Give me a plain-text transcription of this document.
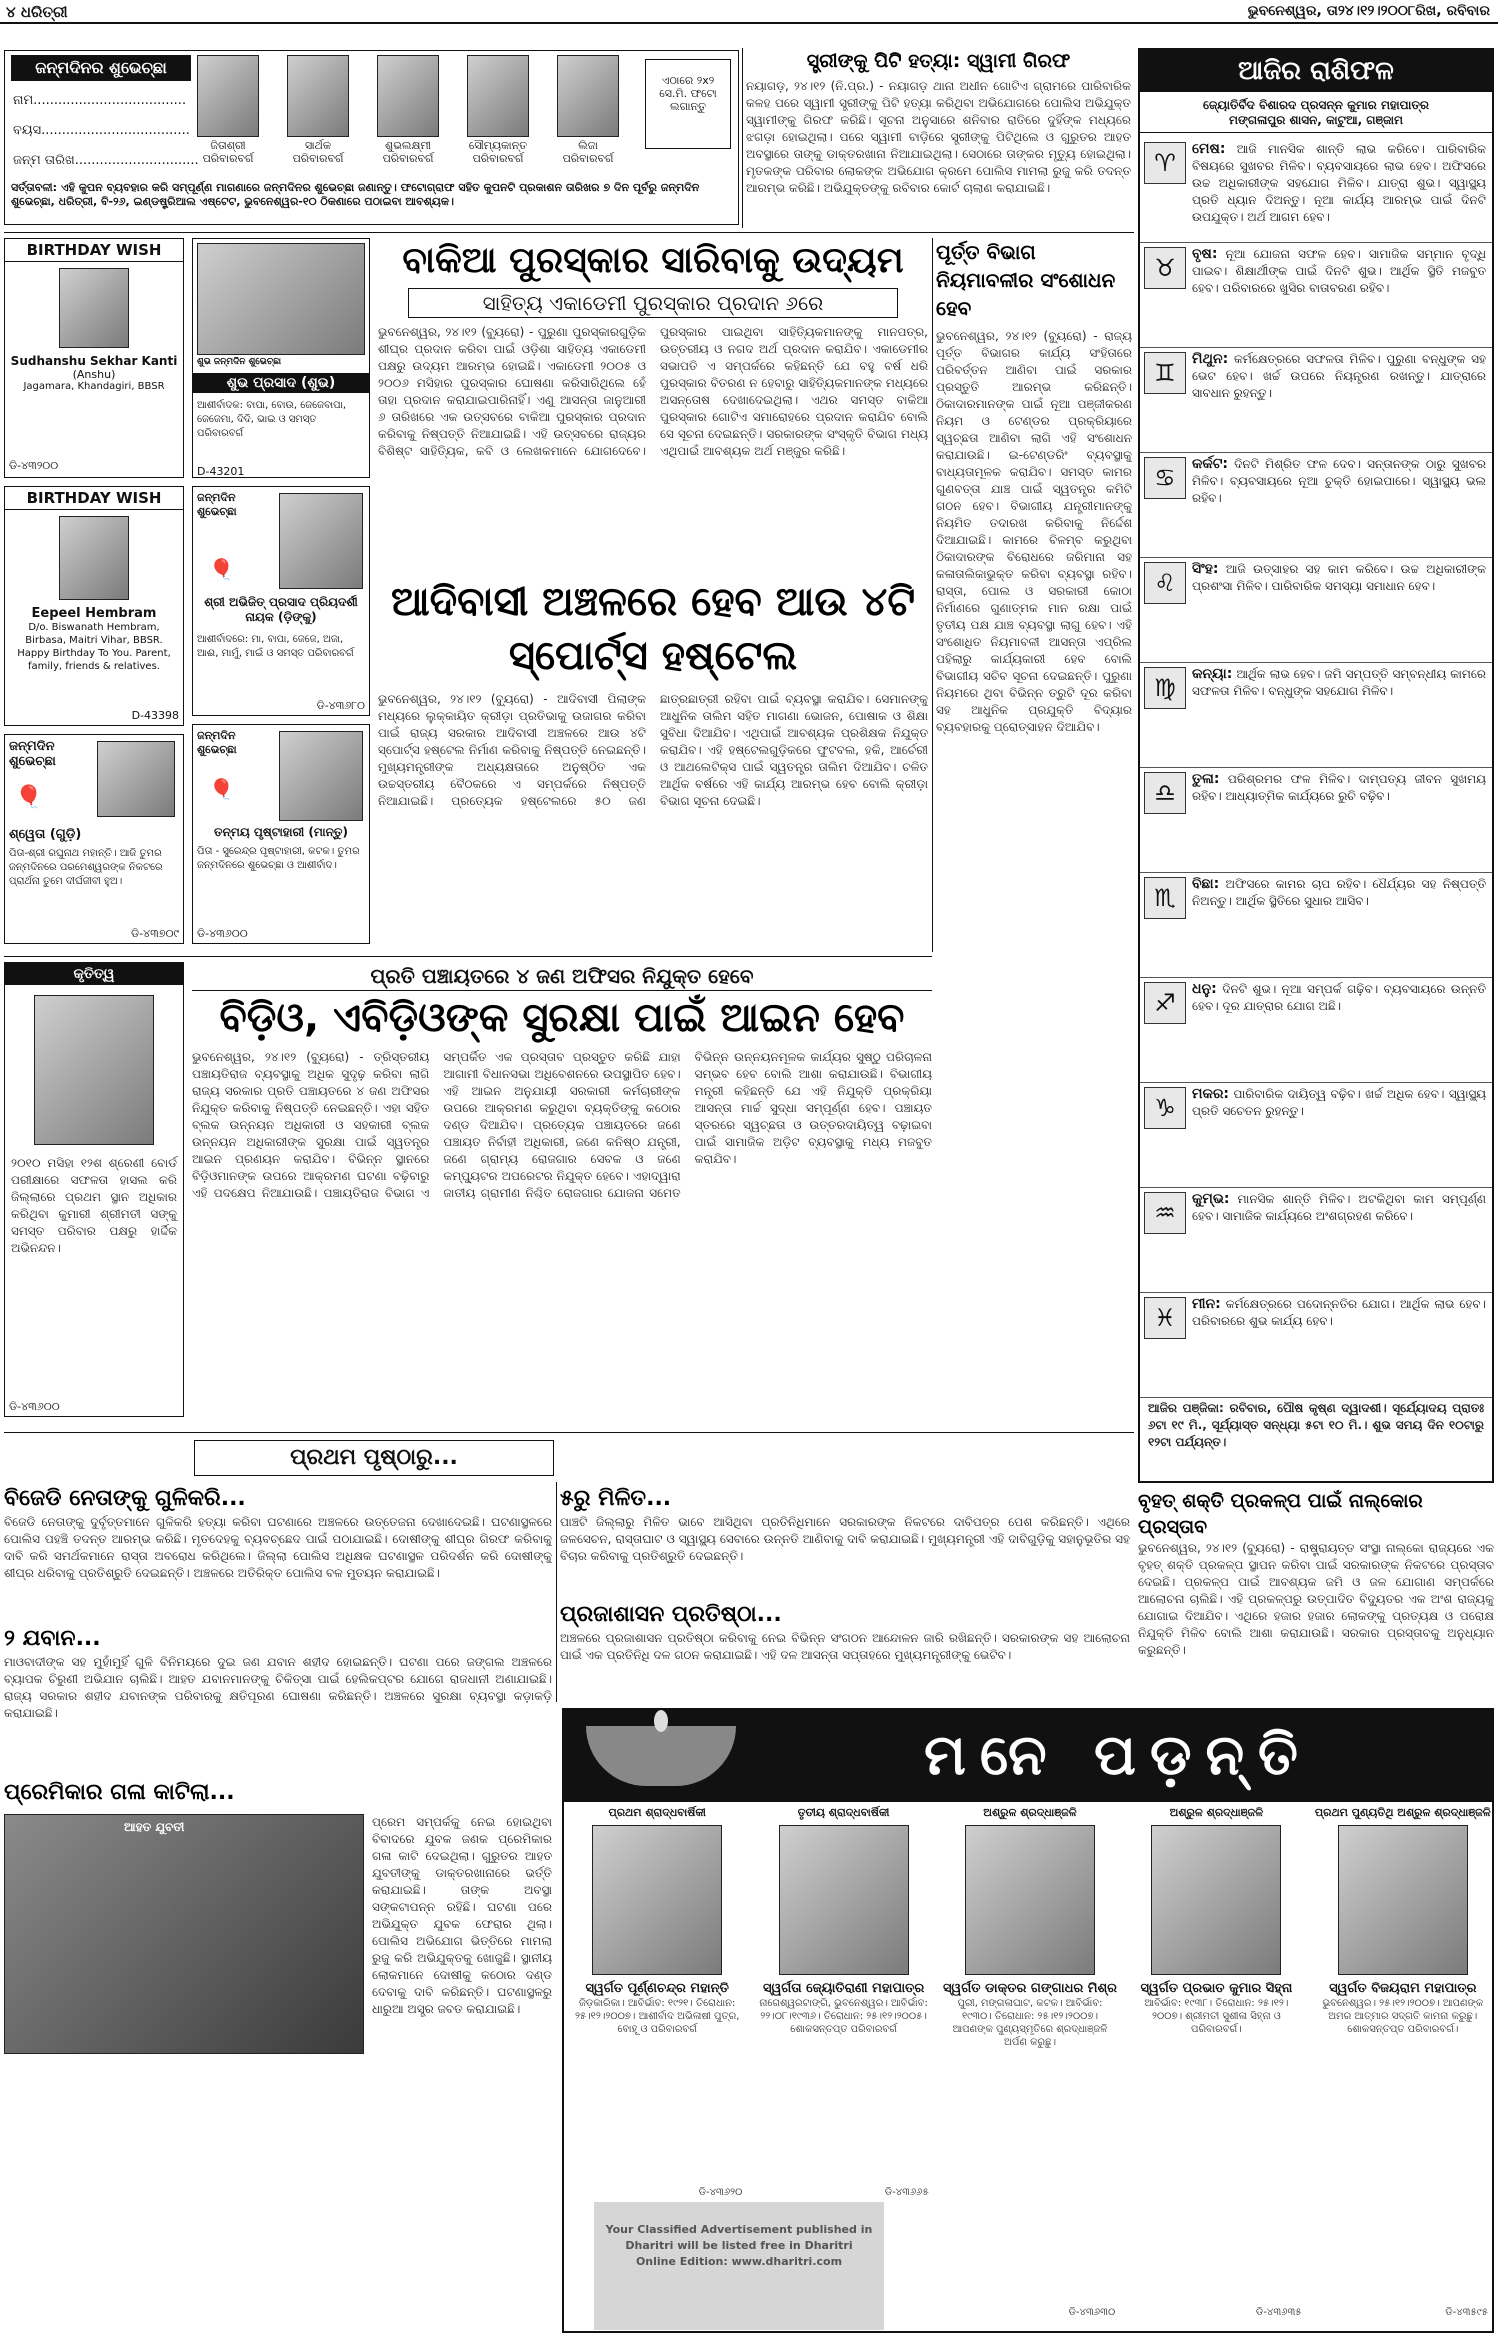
୪ ଧରିତ୍ରୀ	ଭୁବନେଶ୍ୱର, ତା୨୪।୧୨।୨୦୦୮ରିଖ, ରବିବାର
ଜନ୍ମଦିନର ଶୁଭେଚ୍ଛା
ନାମ.....................................
ବୟସ....................................
ଜନ୍ମ ତାରିଖ..............................
ଜିତାଶ୍ରୀ ପରିବାରବର୍ଗ
ସାର୍ଥକ ପରିବାରବର୍ଗ
ଶୁଭଲକ୍ଷ୍ମୀ ପରିବାରବର୍ଗ
ସୌମ୍ୟକାନ୍ତ ପରିବାରବର୍ଗ
ଲିଜା ପରିବାରବର୍ଗ
ଏଠାରେ ୨x୨ ସେ.ମି. ଫଟୋ ଲଗାନ୍ତୁ
ସର୍ତ୍ତାବଳୀ: ଏହି କୁପନ ବ୍ୟବହାର କରି ସମ୍ପୂର୍ଣ୍ଣ ମାଗଣାରେ ଜନ୍ମଦିନର ଶୁଭେଚ୍ଛା ଜଣାନ୍ତୁ। ଫଟୋଗ୍ରାଫ ସହିତ କୁପନଟି ପ୍ରକାଶନ ତାରିଖର ୭ ଦିନ ପୂର୍ବରୁ ଜନ୍ମଦିନ ଶୁଭେଚ୍ଛା, ଧରିତ୍ରୀ, ବି-୨୬, ଇଣ୍ଡଷ୍ଟ୍ରିଆଲ ଏଷ୍ଟେଟ, ଭୁବନେଶ୍ୱର-୧୦ ଠିକଣାରେ ପଠାଇବା ଆବଶ୍ୟକ।
ସ୍ତ୍ରୀଙ୍କୁ ପିଟି ହତ୍ୟା: ସ୍ୱାମୀ ଗିରଫ
ନୟାଗଡ଼, ୨୪।୧୨ (ନି.ପ୍ର.) - ନୟାଗଡ଼ ଥାନା ଅଧୀନ ଗୋଟିଏ ଗ୍ରାମରେ ପାରିବାରିକ କଳହ ପରେ ସ୍ୱାମୀ ସ୍ତ୍ରୀଙ୍କୁ ପିଟି ହତ୍ୟା କରିଥିବା ଅଭିଯୋଗରେ ପୋଲିସ ଅଭିଯୁକ୍ତ ସ୍ୱାମୀଙ୍କୁ ଗିରଫ କରିଛି। ସୂଚନା ଅନୁସାରେ ଶନିବାର ରାତିରେ ଦୁହିଁଙ୍କ ମଧ୍ୟରେ ଝଗଡ଼ା ହୋଇଥିଲା। ପରେ ସ୍ୱାମୀ ବାଡ଼ିରେ ସ୍ତ୍ରୀଙ୍କୁ ପିଟିଥିଲେ ଓ ଗୁରୁତର ଆହତ ଅବସ୍ଥାରେ ତାଙ୍କୁ ଡାକ୍ତରଖାନା ନିଆଯାଇଥିଲା। ସେଠାରେ ତାଙ୍କର ମୃତ୍ୟୁ ହୋଇଥିଲା। ମୃତକଙ୍କ ପରିବାର ଲୋକଙ୍କ ଅଭିଯୋଗ କ୍ରମେ ପୋଲିସ ମାମଲା ରୁଜୁ କରି ତଦନ୍ତ ଆରମ୍ଭ କରିଛି। ଅଭିଯୁକ୍ତଙ୍କୁ ରବିବାର କୋର୍ଟ ଚାଲାଣ କରାଯାଇଛି।
ଆଜିର ରାଶିଫଳ
ଜ୍ୟୋତିର୍ବିଦ ବିଶାରଦ ପ୍ରସନ୍ନ କୁମାର ମହାପାତ୍ର
ମଙ୍ଗଳାପୁର ଶାସନ, କାଟୁଆ, ଗଞ୍ଜାମ
♈	ମେଷ: ଆଜି ମାନସିକ ଶାନ୍ତି ଲାଭ କରିବେ। ପାରିବାରିକ ବିଷୟରେ ସୁଖବର ମିଳିବ। ବ୍ୟବସାୟରେ ଲାଭ ହେବ। ଅଫିସରେ ଉଚ୍ଚ ଅଧିକାରୀଙ୍କ ସହଯୋଗ ମିଳିବ। ଯାତ୍ରା ଶୁଭ। ସ୍ୱାସ୍ଥ୍ୟ ପ୍ରତି ଧ୍ୟାନ ଦିଅନ୍ତୁ। ନୂଆ କାର୍ଯ୍ୟ ଆରମ୍ଭ ପାଇଁ ଦିନଟି ଉପଯୁକ୍ତ। ଅର୍ଥ ଆଗମ ହେବ।
♉	ବୃଷ: ନୂଆ ଯୋଜନା ସଫଳ ହେବ। ସାମାଜିକ ସମ୍ମାନ ବୃଦ୍ଧି ପାଇବ। ଶିକ୍ଷାର୍ଥୀଙ୍କ ପାଇଁ ଦିନଟି ଶୁଭ। ଆର୍ଥିକ ସ୍ଥିତି ମଜବୁତ ହେବ। ପରିବାରରେ ଖୁସିର ବାତାବରଣ ରହିବ।
♊	ମିଥୁନ: କର୍ମକ୍ଷେତ୍ରରେ ସଫଳତା ମିଳିବ। ପୁରୁଣା ବନ୍ଧୁଙ୍କ ସହ ଭେଟ ହେବ। ଖର୍ଚ୍ଚ ଉପରେ ନିୟନ୍ତ୍ରଣ ରଖନ୍ତୁ। ଯାତ୍ରାରେ ସାବଧାନ ରୁହନ୍ତୁ।
♋	କର୍କଟ: ଦିନଟି ମିଶ୍ରିତ ଫଳ ଦେବ। ସନ୍ତାନଙ୍କ ଠାରୁ ସୁଖବର ମିଳିବ। ବ୍ୟବସାୟରେ ନୂଆ ଚୁକ୍ତି ହୋଇପାରେ। ସ୍ୱାସ୍ଥ୍ୟ ଭଲ ରହିବ।
♌	ସିଂହ: ଆଜି ଉତ୍ସାହର ସହ କାମ କରିବେ। ଉଚ୍ଚ ଅଧିକାରୀଙ୍କ ପ୍ରଶଂସା ମିଳିବ। ପାରିବାରିକ ସମସ୍ୟା ସମାଧାନ ହେବ।
♍	କନ୍ୟା: ଆର୍ଥିକ ଲାଭ ହେବ। ଜମି ସମ୍ପତ୍ତି ସମ୍ବନ୍ଧୀୟ କାମରେ ସଫଳତା ମିଳିବ। ବନ୍ଧୁଙ୍କ ସହଯୋଗ ମିଳିବ।
♎	ତୁଳା: ପରିଶ୍ରମର ଫଳ ମିଳିବ। ଦାମ୍ପତ୍ୟ ଜୀବନ ସୁଖମୟ ରହିବ। ଆଧ୍ୟାତ୍ମିକ କାର୍ଯ୍ୟରେ ରୁଚି ବଢ଼ିବ।
♏	ବିଛା: ଅଫିସରେ କାମର ଚାପ ରହିବ। ଧୈର୍ଯ୍ୟର ସହ ନିଷ୍ପତ୍ତି ନିଅନ୍ତୁ। ଆର୍ଥିକ ସ୍ଥିତିରେ ସୁଧାର ଆସିବ।
♐	ଧନୁ: ଦିନଟି ଶୁଭ। ନୂଆ ସମ୍ପର୍କ ଗଢ଼ିବ। ବ୍ୟବସାୟରେ ଉନ୍ନତି ହେବ। ଦୂର ଯାତ୍ରାର ଯୋଗ ଅଛି।
♑	ମକର: ପାରିବାରିକ ଦାୟିତ୍ୱ ବଢ଼ିବ। ଖର୍ଚ୍ଚ ଅଧିକ ହେବ। ସ୍ୱାସ୍ଥ୍ୟ ପ୍ରତି ସଚେତନ ରୁହନ୍ତୁ।
♒	କୁମ୍ଭ: ମାନସିକ ଶାନ୍ତି ମିଳିବ। ଅଟକିଥିବା କାମ ସମ୍ପୂର୍ଣ୍ଣ ହେବ। ସାମାଜିକ କାର୍ଯ୍ୟରେ ଅଂଶଗ୍ରହଣ କରିବେ।
♓	ମୀନ: କର୍ମକ୍ଷେତ୍ରରେ ପଦୋନ୍ନତିର ଯୋଗ। ଆର୍ଥିକ ଲାଭ ହେବ। ପରିବାରରେ ଶୁଭ କାର୍ଯ୍ୟ ହେବ।
ଆଜିର ପଞ୍ଜିକା: ରବିବାର, ପୌଷ କୃଷ୍ଣ ଦ୍ୱାଦଶୀ। ସୂର୍ଯ୍ୟୋଦୟ ପ୍ରାତଃ ୬ଟା ୧୯ ମି., ସୂର୍ଯ୍ୟାସ୍ତ ସନ୍ଧ୍ୟା ୫ଟା ୧୦ ମି.। ଶୁଭ ସମୟ ଦିନ ୧୦ଟାରୁ ୧୨ଟା ପର୍ଯ୍ୟନ୍ତ।
BIRTHDAY WISH
Sudhanshu Sekhar Kanti
(Anshu)
Jagamara, Khandagiri, BBSR
ଡି-୪୩୨୦୦
BIRTHDAY WISH
Eepeel Hembram
D/o. Biswanath Hembram, Birbasa, Maitri Vihar, BBSR. Happy Birthday To You. Parent, family, friends & relatives.
D-43398
ଜନ୍ମଦିନ ଶୁଭେଚ୍ଛା
🎈
ଶ୍ୱେତା (ଗୁଡ଼ି)
ପିତା-ଶ୍ରୀ ରଘୁନାଥ ମହାନ୍ତି। ଆଜି ତୁମର ଜନ୍ମଦିନରେ ପରମେଶ୍ୱରଙ୍କ ନିକଟରେ ପ୍ରାର୍ଥନା ତୁମେ ଦୀର୍ଘଜୀବୀ ହୁଅ।
ଡି-୪୩୭୦୯
ଶୁଭ ଜନ୍ମଦିନ ଶୁଭେଚ୍ଛା
ଶୁଭ ପ୍ରସାଦ (ଶୁଭ)
ଆଶୀର୍ବାଦକ: ବାପା, ବୋଉ, ଜେଜେବାପା, ଜେଜେମା, ଦିଦି, ଭାଇ ଓ ସମସ୍ତ ପରିବାରବର୍ଗ
D-43201
ଜନ୍ମଦିନ ଶୁଭେଚ୍ଛା
🎈
ଶ୍ରୀ ଅଭିଜିତ୍ ପ୍ରସାଦ ପ୍ରିୟଦର୍ଶୀ ନାୟକ (ଡ଼ିଙ୍କୁ)
ଆଶୀର୍ବାଦରେ: ମା, ବାପା, ଜେଜେ, ଅଜା, ଆଈ, ମାମୁଁ, ମାଇଁ ଓ ସମସ୍ତ ପରିବାରବର୍ଗ
ଡି-୪୩୬୮୦
ଜନ୍ମଦିନ ଶୁଭେଚ୍ଛା
🎈
ତନ୍ମୟ ପୃଷ୍ଟାହାରୀ (ମାନ୍ତୁ)
ପିତା - ସୁରେନ୍ଦ୍ର ପୃଷ୍ଟାହାରୀ, କଟକ। ତୁମର ଜନ୍ମଦିନରେ ଶୁଭେଚ୍ଛା ଓ ଆଶୀର୍ବାଦ।
ଡି-୪୩୬୦୦
ବାକିଆ ପୁରସ୍କାର ସାରିବାକୁ ଉଦ୍ୟମ
ସାହିତ୍ୟ ଏକାଡେମୀ ପୁରସ୍କାର ପ୍ରଦାନ ୬ରେ
ଭୁବନେଶ୍ୱର, ୨୪।୧୨ (ବ୍ୟୁରୋ) - ପୁରୁଣା ପୁରସ୍କାରଗୁଡ଼ିକ ଶୀଘ୍ର ପ୍ରଦାନ କରିବା ପାଇଁ ଓଡ଼ିଶା ସାହିତ୍ୟ ଏକାଡେମୀ ପକ୍ଷରୁ ଉଦ୍ୟମ ଆରମ୍ଭ ହୋଇଛି। ଏକାଡେମୀ ୨୦୦୫ ଓ ୨୦୦୬ ମସିହାର ପୁରସ୍କାର ଘୋଷଣା କରିସାରିଥିଲେ ହେଁ ତାହା ପ୍ରଦାନ କରାଯାଇପାରିନାହିଁ। ଏଣୁ ଆସନ୍ତା ଜାନୁଆରୀ ୬ ତାରିଖରେ ଏକ ଉତ୍ସବରେ ବାକିଆ ପୁରସ୍କାର ପ୍ରଦାନ କରିବାକୁ ନିଷ୍ପତ୍ତି ନିଆଯାଇଛି। ଏହି ଉତ୍ସବରେ ରାଜ୍ୟର ବିଶିଷ୍ଟ ସାହିତ୍ୟିକ, କବି ଓ ଲେଖକମାନେ ଯୋଗଦେବେ। ପୁରସ୍କାର ପାଇଥିବା ସାହିତ୍ୟିକମାନଙ୍କୁ ମାନପତ୍ର, ଉତ୍ତରୀୟ ଓ ନଗଦ ଅର୍ଥ ପ୍ରଦାନ କରାଯିବ। ଏକାଡେମୀର ସଭାପତି ଏ ସମ୍ପର୍କରେ କହିଛନ୍ତି ଯେ ବହୁ ବର୍ଷ ଧରି ପୁରସ୍କାର ବିତରଣ ନ ହେବାରୁ ସାହିତ୍ୟିକମାନଙ୍କ ମଧ୍ୟରେ ଅସନ୍ତୋଷ ଦେଖାଦେଇଥିଲା। ଏଥର ସମସ୍ତ ବାକିଆ ପୁରସ୍କାର ଗୋଟିଏ ସମାରୋହରେ ପ୍ରଦାନ କରାଯିବ ବୋଲି ସେ ସୂଚନା ଦେଇଛନ୍ତି। ସରକାରଙ୍କ ସଂସ୍କୃତି ବିଭାଗ ମଧ୍ୟ ଏଥିପାଇଁ ଆବଶ୍ୟକ ଅର୍ଥ ମଞ୍ଜୁର କରିଛି।
ଆଦିବାସୀ ଅଞ୍ଚଳରେ ହେବ ଆଉ ୪ଟି ସ୍ପୋର୍ଟ୍ସ ହଷ୍ଟେଲ
ଭୁବନେଶ୍ୱର, ୨୪।୧୨ (ବ୍ୟୁରୋ) - ଆଦିବାସୀ ପିଲାଙ୍କ ମଧ୍ୟରେ ଲୁକ୍କାୟିତ କ୍ରୀଡ଼ା ପ୍ରତିଭାକୁ ଉଜାଗର କରିବା ପାଇଁ ରାଜ୍ୟ ସରକାର ଆଦିବାସୀ ଅଞ୍ଚଳରେ ଆଉ ୪ଟି ସ୍ପୋର୍ଟ୍ସ ହଷ୍ଟେଲ ନିର୍ମାଣ କରିବାକୁ ନିଷ୍ପତ୍ତି ନେଇଛନ୍ତି। ମୁଖ୍ୟମନ୍ତ୍ରୀଙ୍କ ଅଧ୍ୟକ୍ଷତାରେ ଅନୁଷ୍ଠିତ ଏକ ଉଚ୍ଚସ୍ତରୀୟ ବୈଠକରେ ଏ ସମ୍ପର୍କରେ ନିଷ୍ପତ୍ତି ନିଆଯାଇଛି। ପ୍ରତ୍ୟେକ ହଷ୍ଟେଲରେ ୫୦ ଜଣ ଛାତ୍ରଛାତ୍ରୀ ରହିବା ପାଇଁ ବ୍ୟବସ୍ଥା କରାଯିବ। ସେମାନଙ୍କୁ ଆଧୁନିକ ତାଲିମ ସହିତ ମାଗଣା ଭୋଜନ, ପୋଷାକ ଓ ଶିକ୍ଷା ସୁବିଧା ଦିଆଯିବ। ଏଥିପାଇଁ ଆବଶ୍ୟକ ପ୍ରଶିକ୍ଷକ ନିଯୁକ୍ତ କରାଯିବ। ଏହି ହଷ୍ଟେଲଗୁଡ଼ିକରେ ଫୁଟବଲ, ହକି, ଆର୍ଚେରୀ ଓ ଆଥଲେଟିକ୍ସ ପାଇଁ ସ୍ୱତନ୍ତ୍ର ତାଲିମ ଦିଆଯିବ। ଚଳିତ ଆର୍ଥିକ ବର୍ଷରେ ଏହି କାର୍ଯ୍ୟ ଆରମ୍ଭ ହେବ ବୋଲି କ୍ରୀଡ଼ା ବିଭାଗ ସୂଚନା ଦେଇଛି।
ପୂର୍ତ୍ତ ବିଭାଗ ନିୟମାବଳୀର ସଂଶୋଧନ ହେବ
ଭୁବନେଶ୍ୱର, ୨୪।୧୨ (ବ୍ୟୁରୋ) - ରାଜ୍ୟ ପୂର୍ତ୍ତ ବିଭାଗର କାର୍ଯ୍ୟ ସଂହିତାରେ ପରିବର୍ତ୍ତନ ଆଣିବା ପାଇଁ ସରକାର ପ୍ରସ୍ତୁତି ଆରମ୍ଭ କରିଛନ୍ତି। ଠିକାଦାରମାନଙ୍କ ପାଇଁ ନୂଆ ପଞ୍ଜୀକରଣ ନିୟମ ଓ ଟେଣ୍ଡର ପ୍ରକ୍ରିୟାରେ ସ୍ୱଚ୍ଛତା ଆଣିବା ଲାଗି ଏହି ସଂଶୋଧନ କରାଯାଉଛି। ଇ-ଟେଣ୍ଡରିଂ ବ୍ୟବସ୍ଥାକୁ ବାଧ୍ୟତାମୂଳକ କରାଯିବ। ସମସ୍ତ କାମର ଗୁଣବତ୍ତା ଯାଞ୍ଚ ପାଇଁ ସ୍ୱତନ୍ତ୍ର କମିଟି ଗଠନ ହେବ। ବିଭାଗୀୟ ଯନ୍ତ୍ରୀମାନଙ୍କୁ ନିୟମିତ ତଦାରଖ କରିବାକୁ ନିର୍ଦ୍ଦେଶ ଦିଆଯାଇଛି। କାମରେ ବିଳମ୍ବ କରୁଥିବା ଠିକାଦାରଙ୍କ ବିରୋଧରେ ଜରିମାନା ସହ କଳାତାଲିକାଭୁକ୍ତ କରିବା ବ୍ୟବସ୍ଥା ରହିବ। ରାସ୍ତା, ପୋଲ ଓ ସରକାରୀ କୋଠା ନିର୍ମାଣରେ ଗୁଣାତ୍ମକ ମାନ ରକ୍ଷା ପାଇଁ ତୃତୀୟ ପକ୍ଷ ଯାଞ୍ଚ ବ୍ୟବସ୍ଥା ଲାଗୁ ହେବ। ଏହି ସଂଶୋଧିତ ନିୟମାବଳୀ ଆସନ୍ତା ଏପ୍ରିଲ ପହିଲାରୁ କାର୍ଯ୍ୟକାରୀ ହେବ ବୋଲି ବିଭାଗୀୟ ସଚିବ ସୂଚନା ଦେଇଛନ୍ତି। ପୁରୁଣା ନିୟମରେ ଥିବା ବିଭିନ୍ନ ତ୍ରୁଟି ଦୂର କରିବା ସହ ଆଧୁନିକ ପ୍ରଯୁକ୍ତି ବିଦ୍ୟାର ବ୍ୟବହାରକୁ ପ୍ରୋତ୍ସାହନ ଦିଆଯିବ।
କୃତିତ୍ୱ
୨୦୧୦ ମସିହା ୧୨ଶ ଶ୍ରେଣୀ ବୋର୍ଡ ପରୀକ୍ଷାରେ ସଫଳତା ହାସଲ କରି ଜିଲ୍ଲାରେ ପ୍ରଥମ ସ୍ଥାନ ଅଧିକାର କରିଥିବା କୁମାରୀ ଶ୍ରୀମତୀ ସଙ୍କୁ ସମସ୍ତ ପରିବାର ପକ୍ଷରୁ ହାର୍ଦ୍ଦିକ ଅଭିନନ୍ଦନ।
ଡି-୪୩୬୦୦
ପ୍ରତି ପଞ୍ଚାୟତରେ ୪ ଜଣ ଅଫିସର ନିଯୁକ୍ତ ହେବେ
ବିଡ଼ିଓ, ଏବିଡ଼ିଓଙ୍କ ସୁରକ୍ଷା ପାଇଁ ଆଇନ ହେବ
ଭୁବନେଶ୍ୱର, ୨୪।୧୨ (ବ୍ୟୁରୋ) - ତ୍ରିସ୍ତରୀୟ ପଞ୍ଚାୟତିରାଜ ବ୍ୟବସ୍ଥାକୁ ଅଧିକ ସୁଦୃଢ଼ କରିବା ଲାଗି ରାଜ୍ୟ ସରକାର ପ୍ରତି ପଞ୍ଚାୟତରେ ୪ ଜଣ ଅଫିସର ନିଯୁକ୍ତ କରିବାକୁ ନିଷ୍ପତ୍ତି ନେଇଛନ୍ତି। ଏହା ସହିତ ବ୍ଲକ ଉନ୍ନୟନ ଅଧିକାରୀ ଓ ସହକାରୀ ବ୍ଲକ ଉନ୍ନୟନ ଅଧିକାରୀଙ୍କ ସୁରକ୍ଷା ପାଇଁ ସ୍ୱତନ୍ତ୍ର ଆଇନ ପ୍ରଣୟନ କରାଯିବ। ବିଭିନ୍ନ ସ୍ଥାନରେ ବିଡ଼ିଓମାନଙ୍କ ଉପରେ ଆକ୍ରମଣ ଘଟଣା ବଢ଼ିବାରୁ ଏହି ପଦକ୍ଷେପ ନିଆଯାଉଛି। ପଞ୍ଚାୟତିରାଜ ବିଭାଗ ଏ ସମ୍ପର୍କିତ ଏକ ପ୍ରସ୍ତାବ ପ୍ରସ୍ତୁତ କରିଛି ଯାହା ଆଗାମୀ ବିଧାନସଭା ଅଧିବେଶନରେ ଉପସ୍ଥାପିତ ହେବ। ଏହି ଆଇନ ଅନୁଯାୟୀ ସରକାରୀ କର୍ମଚାରୀଙ୍କ ଉପରେ ଆକ୍ରମଣ କରୁଥିବା ବ୍ୟକ୍ତିଙ୍କୁ କଠୋର ଦଣ୍ଡ ଦିଆଯିବ। ପ୍ରତ୍ୟେକ ପଞ୍ଚାୟତରେ ଜଣେ ପଞ୍ଚାୟତ ନିର୍ବାହୀ ଅଧିକାରୀ, ଜଣେ କନିଷ୍ଠ ଯନ୍ତ୍ରୀ, ଜଣେ ଗ୍ରାମ୍ୟ ରୋଜଗାର ସେବକ ଓ ଜଣେ କମ୍ପ୍ୟୁଟର ଅପରେଟର ନିଯୁକ୍ତ ହେବେ। ଏହାଦ୍ୱାରା ଜାତୀୟ ଗ୍ରାମୀଣ ନିଶ୍ଚିତ ରୋଜଗାର ଯୋଜନା ସମେତ ବିଭିନ୍ନ ଉନ୍ନୟନମୂଳକ କାର୍ଯ୍ୟର ସୁଷ୍ଠୁ ପରିଚାଳନା ସମ୍ଭବ ହେବ ବୋଲି ଆଶା କରାଯାଉଛି। ବିଭାଗୀୟ ମନ୍ତ୍ରୀ କହିଛନ୍ତି ଯେ ଏହି ନିଯୁକ୍ତି ପ୍ରକ୍ରିୟା ଆସନ୍ତା ମାର୍ଚ୍ଚ ସୁଦ୍ଧା ସମ୍ପୂର୍ଣ୍ଣ ହେବ। ପଞ୍ଚାୟତ ସ୍ତରରେ ସ୍ୱଚ୍ଛତା ଓ ଉତ୍ତରଦାୟିତ୍ୱ ବଢ଼ାଇବା ପାଇଁ ସାମାଜିକ ଅଡ଼ିଟ ବ୍ୟବସ୍ଥାକୁ ମଧ୍ୟ ମଜବୁତ କରାଯିବ।
ପ୍ରଥମ ପୃଷ୍ଠାରୁ...
ବିଜେଡି ନେତାଙ୍କୁ ଗୁଳିକରି...
ବିଜେଡି ନେତାଙ୍କୁ ଦୁର୍ବୃତ୍ତମାନେ ଗୁଳିକରି ହତ୍ୟା କରିବା ଘଟଣାରେ ଅଞ୍ଚଳରେ ଉତ୍ତେଜନା ଦେଖାଦେଇଛି। ଘଟଣାସ୍ଥଳରେ ପୋଲିସ ପହଞ୍ଚି ତଦନ୍ତ ଆରମ୍ଭ କରିଛି। ମୃତଦେହକୁ ବ୍ୟବଚ୍ଛେଦ ପାଇଁ ପଠାଯାଇଛି। ଦୋଷୀଙ୍କୁ ଶୀଘ୍ର ଗିରଫ କରିବାକୁ ଦାବି କରି ସମର୍ଥକମାନେ ରାସ୍ତା ଅବରୋଧ କରିଥିଲେ। ଜିଲ୍ଲା ପୋଲିସ ଅଧିକ୍ଷକ ଘଟଣାସ୍ଥଳ ପରିଦର୍ଶନ କରି ଦୋଷୀଙ୍କୁ ଶୀଘ୍ର ଧରିବାକୁ ପ୍ରତିଶ୍ରୁତି ଦେଇଛନ୍ତି। ଅଞ୍ଚଳରେ ଅତିରିକ୍ତ ପୋଲିସ ବଳ ମୁତୟନ କରାଯାଇଛି।
୨ ଯବାନ...
ମାଓବାଦୀଙ୍କ ସହ ମୁହାଁମୁହିଁ ଗୁଳି ବିନିମୟରେ ଦୁଇ ଜଣ ଯବାନ ଶହୀଦ ହୋଇଛନ୍ତି। ଘଟଣା ପରେ ଜଙ୍ଗଲ ଅଞ୍ଚଳରେ ବ୍ୟାପକ ଚିରୁଣୀ ଅଭିଯାନ ଚାଲିଛି। ଆହତ ଯବାନମାନଙ୍କୁ ଚିକିତ୍ସା ପାଇଁ ହେଲିକପ୍ଟର ଯୋଗେ ରାଜଧାନୀ ଅଣାଯାଇଛି। ରାଜ୍ୟ ସରକାର ଶହୀଦ ଯବାନଙ୍କ ପରିବାରକୁ କ୍ଷତିପୂରଣ ଘୋଷଣା କରିଛନ୍ତି। ଅଞ୍ଚଳରେ ସୁରକ୍ଷା ବ୍ୟବସ୍ଥା କଡ଼ାକଡ଼ି କରାଯାଇଛି।
ପ୍ରେମିକାର ଗଳା କାଟିଲା...
ଆହତ ଯୁବତୀ	ପ୍ରେମ ସମ୍ପର୍କକୁ ନେଇ ହୋଇଥିବା ବିବାଦରେ ଯୁବକ ଜଣକ ପ୍ରେମିକାର ଗଳା କାଟି ଦେଇଥିଲା। ଗୁରୁତର ଆହତ ଯୁବତୀଙ୍କୁ ଡାକ୍ତରଖାନାରେ ଭର୍ତ୍ତି କରାଯାଇଛି। ତାଙ୍କ ଅବସ୍ଥା ସଙ୍କଟାପନ୍ନ ରହିଛି। ଘଟଣା ପରେ ଅଭିଯୁକ୍ତ ଯୁବକ ଫେରାର ଥିଲା। ପୋଲିସ ଅଭିଯୋଗ ଭିତ୍ତିରେ ମାମଲା ରୁଜୁ କରି ଅଭିଯୁକ୍ତକୁ ଖୋଜୁଛି। ସ୍ଥାନୀୟ ଲୋକମାନେ ଦୋଷୀକୁ କଠୋର ଦଣ୍ଡ ଦେବାକୁ ଦାବି କରିଛନ୍ତି। ଘଟଣାସ୍ଥଳରୁ ଧାରୁଆ ଅସ୍ତ୍ର ଜବତ କରାଯାଇଛି।
୫ରୁ ମିଳିତ...
ପାଞ୍ଚଟି ଜିଲ୍ଲାରୁ ମିଳିତ ଭାବେ ଆସିଥିବା ପ୍ରତିନିଧିମାନେ ସରକାରଙ୍କ ନିକଟରେ ଦାବିପତ୍ର ପେଶ କରିଛନ୍ତି। ଏଥିରେ ଜଳସେଚନ, ରାସ୍ତାଘାଟ ଓ ସ୍ୱାସ୍ଥ୍ୟ ସେବାରେ ଉନ୍ନତି ଆଣିବାକୁ ଦାବି କରାଯାଇଛି। ମୁଖ୍ୟମନ୍ତ୍ରୀ ଏହି ଦାବିଗୁଡ଼ିକୁ ସହାନୁଭୂତିର ସହ ବିଚାର କରିବାକୁ ପ୍ରତିଶ୍ରୁତି ଦେଇଛନ୍ତି।
ପ୍ରଜାଶାସନ ପ୍ରତିଷ୍ଠା...
ଅଞ୍ଚଳରେ ପ୍ରଜାଶାସନ ପ୍ରତିଷ୍ଠା କରିବାକୁ ନେଇ ବିଭିନ୍ନ ସଂଗଠନ ଆନ୍ଦୋଳନ ଜାରି ରଖିଛନ୍ତି। ସରକାରଙ୍କ ସହ ଆଲୋଚନା ପାଇଁ ଏକ ପ୍ରତିନିଧି ଦଳ ଗଠନ କରାଯାଇଛି। ଏହି ଦଳ ଆସନ୍ତା ସପ୍ତାହରେ ମୁଖ୍ୟମନ୍ତ୍ରୀଙ୍କୁ ଭେଟିବ।
ବୃହତ୍ ଶକ୍ତି ପ୍ରକଳ୍ପ ପାଇଁ ନାଲ୍‌କୋର ପ୍ରସ୍ତାବ
ଭୁବନେଶ୍ୱର, ୨୪।୧୨ (ବ୍ୟୁରୋ) - ରାଷ୍ଟ୍ରାୟତ୍ତ ସଂସ୍ଥା ନାଲ୍‌କୋ ରାଜ୍ୟରେ ଏକ ବୃହତ୍ ଶକ୍ତି ପ୍ରକଳ୍ପ ସ୍ଥାପନ କରିବା ପାଇଁ ସରକାରଙ୍କ ନିକଟରେ ପ୍ରସ୍ତାବ ଦେଇଛି। ପ୍ରକଳ୍ପ ପାଇଁ ଆବଶ୍ୟକ ଜମି ଓ ଜଳ ଯୋଗାଣ ସମ୍ପର୍କରେ ଆଲୋଚନା ଚାଲିଛି। ଏହି ପ୍ରକଳ୍ପରୁ ଉତ୍ପାଦିତ ବିଦ୍ୟୁତର ଏକ ଅଂଶ ରାଜ୍ୟକୁ ଯୋଗାଇ ଦିଆଯିବ। ଏଥିରେ ହଜାର ହଜାର ଲୋକଙ୍କୁ ପ୍ରତ୍ୟକ୍ଷ ଓ ପରୋକ୍ଷ ନିଯୁକ୍ତି ମିଳିବ ବୋଲି ଆଶା କରାଯାଉଛି। ସରକାର ପ୍ରସ୍ତାବକୁ ଅନୁଧ୍ୟାନ କରୁଛନ୍ତି।
ମନେ ପଡ଼ନ୍ତି
ପ୍ରଥମ ଶ୍ରାଦ୍ଧବାର୍ଷିକୀ
ସ୍ୱର୍ଗତ ପୂର୍ଣ୍ଣଚନ୍ଦ୍ର ମହାନ୍ତି
ଜିଡ଼କାରିକା। ଆବିର୍ଭାବ: ୧୯୨୧। ତିରୋଧାନ: ୨୫।୧୨।୨୦୦୭। ଆଶୀର୍ବାଦ ଅଭିଳାଷୀ ପୁତ୍ର, ବୋହୂ ଓ ପରିବାରବର୍ଗ
ଡି-୪୩୬୨୦
ତୃତୀୟ ଶ୍ରାଦ୍ଧବାର୍ଷିକୀ
ସ୍ୱର୍ଗତା ଜ୍ୟୋତିରାଣୀ ମହାପାତ୍ର
ନାଗେଶ୍ୱରଟାଙ୍ଗି, ଭୁବନେଶ୍ୱର। ଆବିର୍ଭାବ: ୨୨।୦୮।୧୯୩୬। ତିରୋଧାନ: ୨୫।୧୨।୨୦୦୫। ଶୋକସନ୍ତପ୍ତ ପରିବାରବର୍ଗ
ଡି-୪୩୬୬୫
ଅଶ୍ରୁଳ ଶ୍ରଦ୍ଧାଞ୍ଜଳି
ସ୍ୱର୍ଗତ ଡାକ୍ତର ଗଙ୍ଗାଧର ମିଶ୍ର
ପୁରୀ, ମଙ୍ଗଳାଘାଟ, କଟକ। ଆବିର୍ଭାବ: ୧୯୩୦। ତିରୋଧାନ: ୨୫।୧୨।୨୦୦୭। ଆପଣଙ୍କ ପୁଣ୍ୟସ୍ମୃତିରେ ଶ୍ରଦ୍ଧାଞ୍ଜଳି ଅର୍ପଣ କରୁଛୁ।
ଡି-୪୩୬୩୦
ଅଶ୍ରୁଳ ଶ୍ରଦ୍ଧାଞ୍ଜଳି
ସ୍ୱର୍ଗତ ପ୍ରଭାତ କୁମାର ସିହ୍ନା
ଆବିର୍ଭାବ: ୧୯୩୮। ତିରୋଧାନ: ୨୫।୧୨।୨୦୦୭। ଶ୍ରୀମତୀ ସୁଶୀଳା ସିହ୍ନା ଓ ପରିବାରବର୍ଗ।
ଡି-୪୩୬୩୫
ପ୍ରଥମ ପୁଣ୍ୟତିଥି ଅଶ୍ରୁଳ ଶ୍ରଦ୍ଧାଞ୍ଜଳି
ସ୍ୱର୍ଗତ ବିଜୟରାମ ମହାପାତ୍ର
ଭୁବନେଶ୍ୱର। ୨୫।୧୨।୨୦୦୭। ଆପଣଙ୍କ ଅମର ଆତ୍ମାର ସଦ୍‌ଗତି କାମନା କରୁଛୁ। ଶୋକସନ୍ତପ୍ତ ପରିବାରବର୍ଗ।
ଡି-୪୩୫୯୫
Your Classified Advertisement published in
Dharitri will be listed free in Dharitri
Online Edition: www.dharitri.com
